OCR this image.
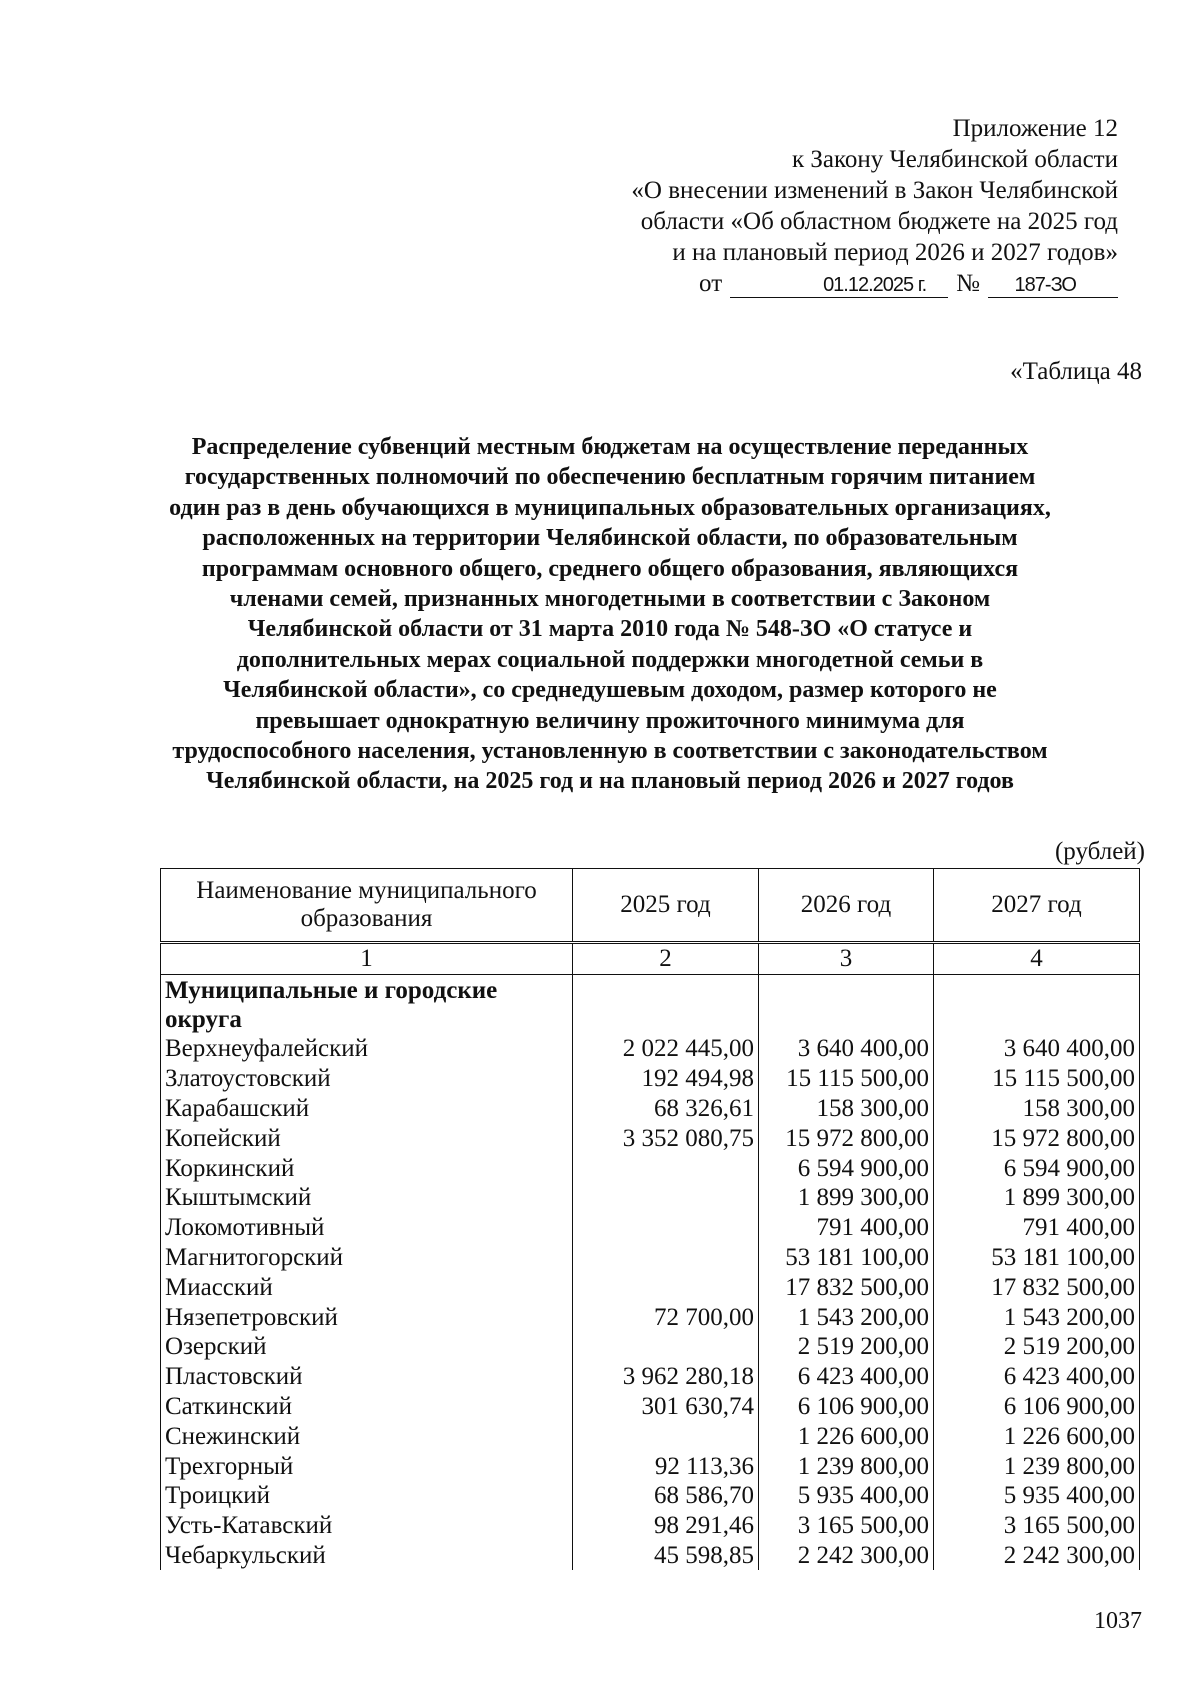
Приложение 12
к Закону Челябинской области
«О внесении изменений в Закон Челябинской
области «Об областном бюджете на 2025 год
и на плановый период 2026 и 2027 годов»
от	01.12.2025 г.	№	187-ЗО
«Таблица 48
Распределение субвенций местным бюджетам на осуществление переданных
государственных полномочий по обеспечению бесплатным горячим питанием
один раз в день обучающихся в муниципальных образовательных организациях,
расположенных на территории Челябинской области, по образовательным
программам основного общего, среднего общего образования, являющихся
членами семей, признанных многодетными в соответствии с Законом
Челябинской области от 31 марта 2010 года № 548-ЗО «О статусе и
дополнительных мерах социальной поддержки многодетной семьи в
Челябинской области», со среднедушевым доходом, размер которого не
превышает однократную величину прожиточного минимума для
трудоспособного населения, установленную в соответствии с законодательством
Челябинской области, на 2025 год и на плановый период 2026 и 2027 годов
(рублей)
Наименование муниципального образования	2025 год	2026 год	2027 год
1	2	3	4
Муниципальные и городские округа			
Верхнеуфалейский	2 022 445,00	3 640 400,00	3 640 400,00
Златоустовский	192 494,98	15 115 500,00	15 115 500,00
Карабашский	68 326,61	158 300,00	158 300,00
Копейский	3 352 080,75	15 972 800,00	15 972 800,00
Коркинский		6 594 900,00	6 594 900,00
Кыштымский		1 899 300,00	1 899 300,00
Локомотивный		791 400,00	791 400,00
Магнитогорский		53 181 100,00	53 181 100,00
Миасский		17 832 500,00	17 832 500,00
Нязепетровский	72 700,00	1 543 200,00	1 543 200,00
Озерский		2 519 200,00	2 519 200,00
Пластовский	3 962 280,18	6 423 400,00	6 423 400,00
Саткинский	301 630,74	6 106 900,00	6 106 900,00
Снежинский		1 226 600,00	1 226 600,00
Трехгорный	92 113,36	1 239 800,00	1 239 800,00
Троицкий	68 586,70	5 935 400,00	5 935 400,00
Усть-Катавский	98 291,46	3 165 500,00	3 165 500,00
Чебаркульский	45 598,85	2 242 300,00	2 242 300,00
1037
